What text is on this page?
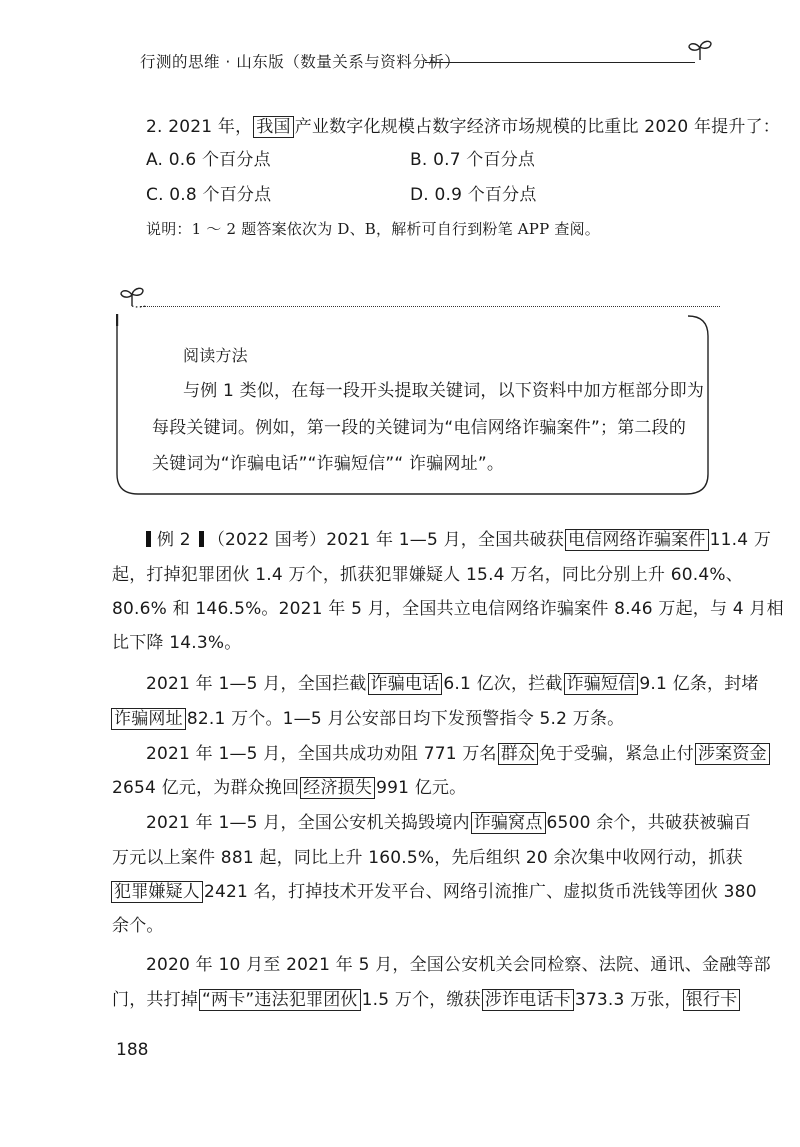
行测的思维 · 山东版（数量关系与资料分析）
2. 2021 年， 我国 产业数字化规模占数字经济市场规模的比重比 2020 年提升了：
A. 0.6 个百分点	B. 0.7 个百分点
C. 0.8 个百分点	D. 0.9 个百分点
说明：1 ～ 2 题答案依次为 D、B，解析可自行到粉笔 APP 查阅。
阅读方法
与例 1 类似，在每一段开头提取关键词，以下资料中加方框部分即为
每段关键词。例如，第一段的关键词为“电信网络诈骗案件”；第二段的
关键词为“诈骗电话”“诈骗短信”“ 诈骗网址”。
例 2 （2022 国考）2021 年 1—5 月，全国共破获 电信网络诈骗案件 11.4 万
起，打掉犯罪团伙 1.4 万个，抓获犯罪嫌疑人 15.4 万名，同比分别上升 60.4%、
80.6% 和 146.5%。2021 年 5 月，全国共立电信网络诈骗案件 8.46 万起，与 4 月相
比下降 14.3%。
2021 年 1—5 月，全国拦截 诈骗电话 6.1 亿次，拦截 诈骗短信 9.1 亿条，封堵
诈骗网址 82.1 万个。1—5 月公安部日均下发预警指令 5.2 万条。
2021 年 1—5 月，全国共成功劝阻 771 万名 群众 免于受骗，紧急止付 涉案资金
2654 亿元，为群众挽回 经济损失 991 亿元。
2021 年 1—5 月，全国公安机关捣毁境内 诈骗窝点 6500 余个，共破获被骗百
万元以上案件 881 起，同比上升 160.5%，先后组织 20 余次集中收网行动，抓获
犯罪嫌疑人 2421 名，打掉技术开发平台、网络引流推广、虚拟货币洗钱等团伙 380
余个。
2020 年 10 月至 2021 年 5 月，全国公安机关会同检察、法院、通讯、金融等部
门，共打掉 “两卡”违法犯罪团伙 1.5 万个，缴获 涉诈电话卡 373.3 万张， 银行卡
188
